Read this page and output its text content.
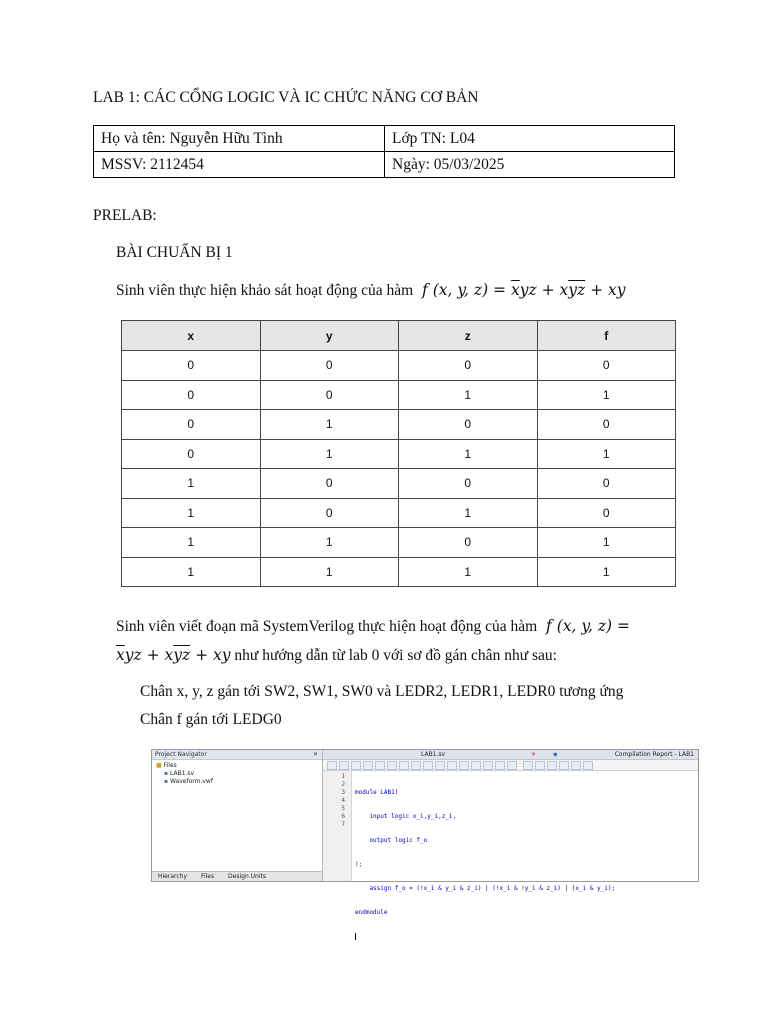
LAB 1: CÁC CỔNG LOGIC VÀ IC CHỨC NĂNG CƠ BẢN
Họ và tên: Nguyễn Hữu Tình	Lớp TN: L04
MSSV: 2112454	Ngày: 05/03/2025
PRELAB:
BÀI CHUẨN BỊ 1
Sinh viên thực hiện khảo sát hoạt động của hàm  f (x, y, $z) = \overline{x}yz + x\overline{y}\overline{z}$ + xy
x	y	z	f
0	0	0	0
0	0	1	1
0	1	0	0
0	1	1	1
1	0	0	0
1	0	1	0
1	1	0	1
1	1	1	1
Sinh viên viết đoạn mã SystemVerilog thực hiện hoạt động của hàm  f (x, y, z) =
$\overline{x}yz + x\overline{y}\overline{z}$ + xy như hướng dẫn từ lab 0 với sơ đồ gán chân như sau:
Chân x, y, z gán tới SW2, SW1, SW0 và LEDR2, LEDR1, LEDR0 tương ứng
Chân f gán tới LEDG0
Project Navigator	✕
■ Files
▪ LAB1.sv
▪ Waveform.vwf
Hierarchy Files Design Units
LAB1.sv	✕	◆	Compilation Report - LAB1
1
2
3
4
5
6
7

module LAB1(

input logic x_i,y_i,z_i,

output logic f_o

);

assign f_o = (!x_i & y_i & z_i) | (!x_i & !y_i & z_i) | (x_i & y_i);

endmodule
